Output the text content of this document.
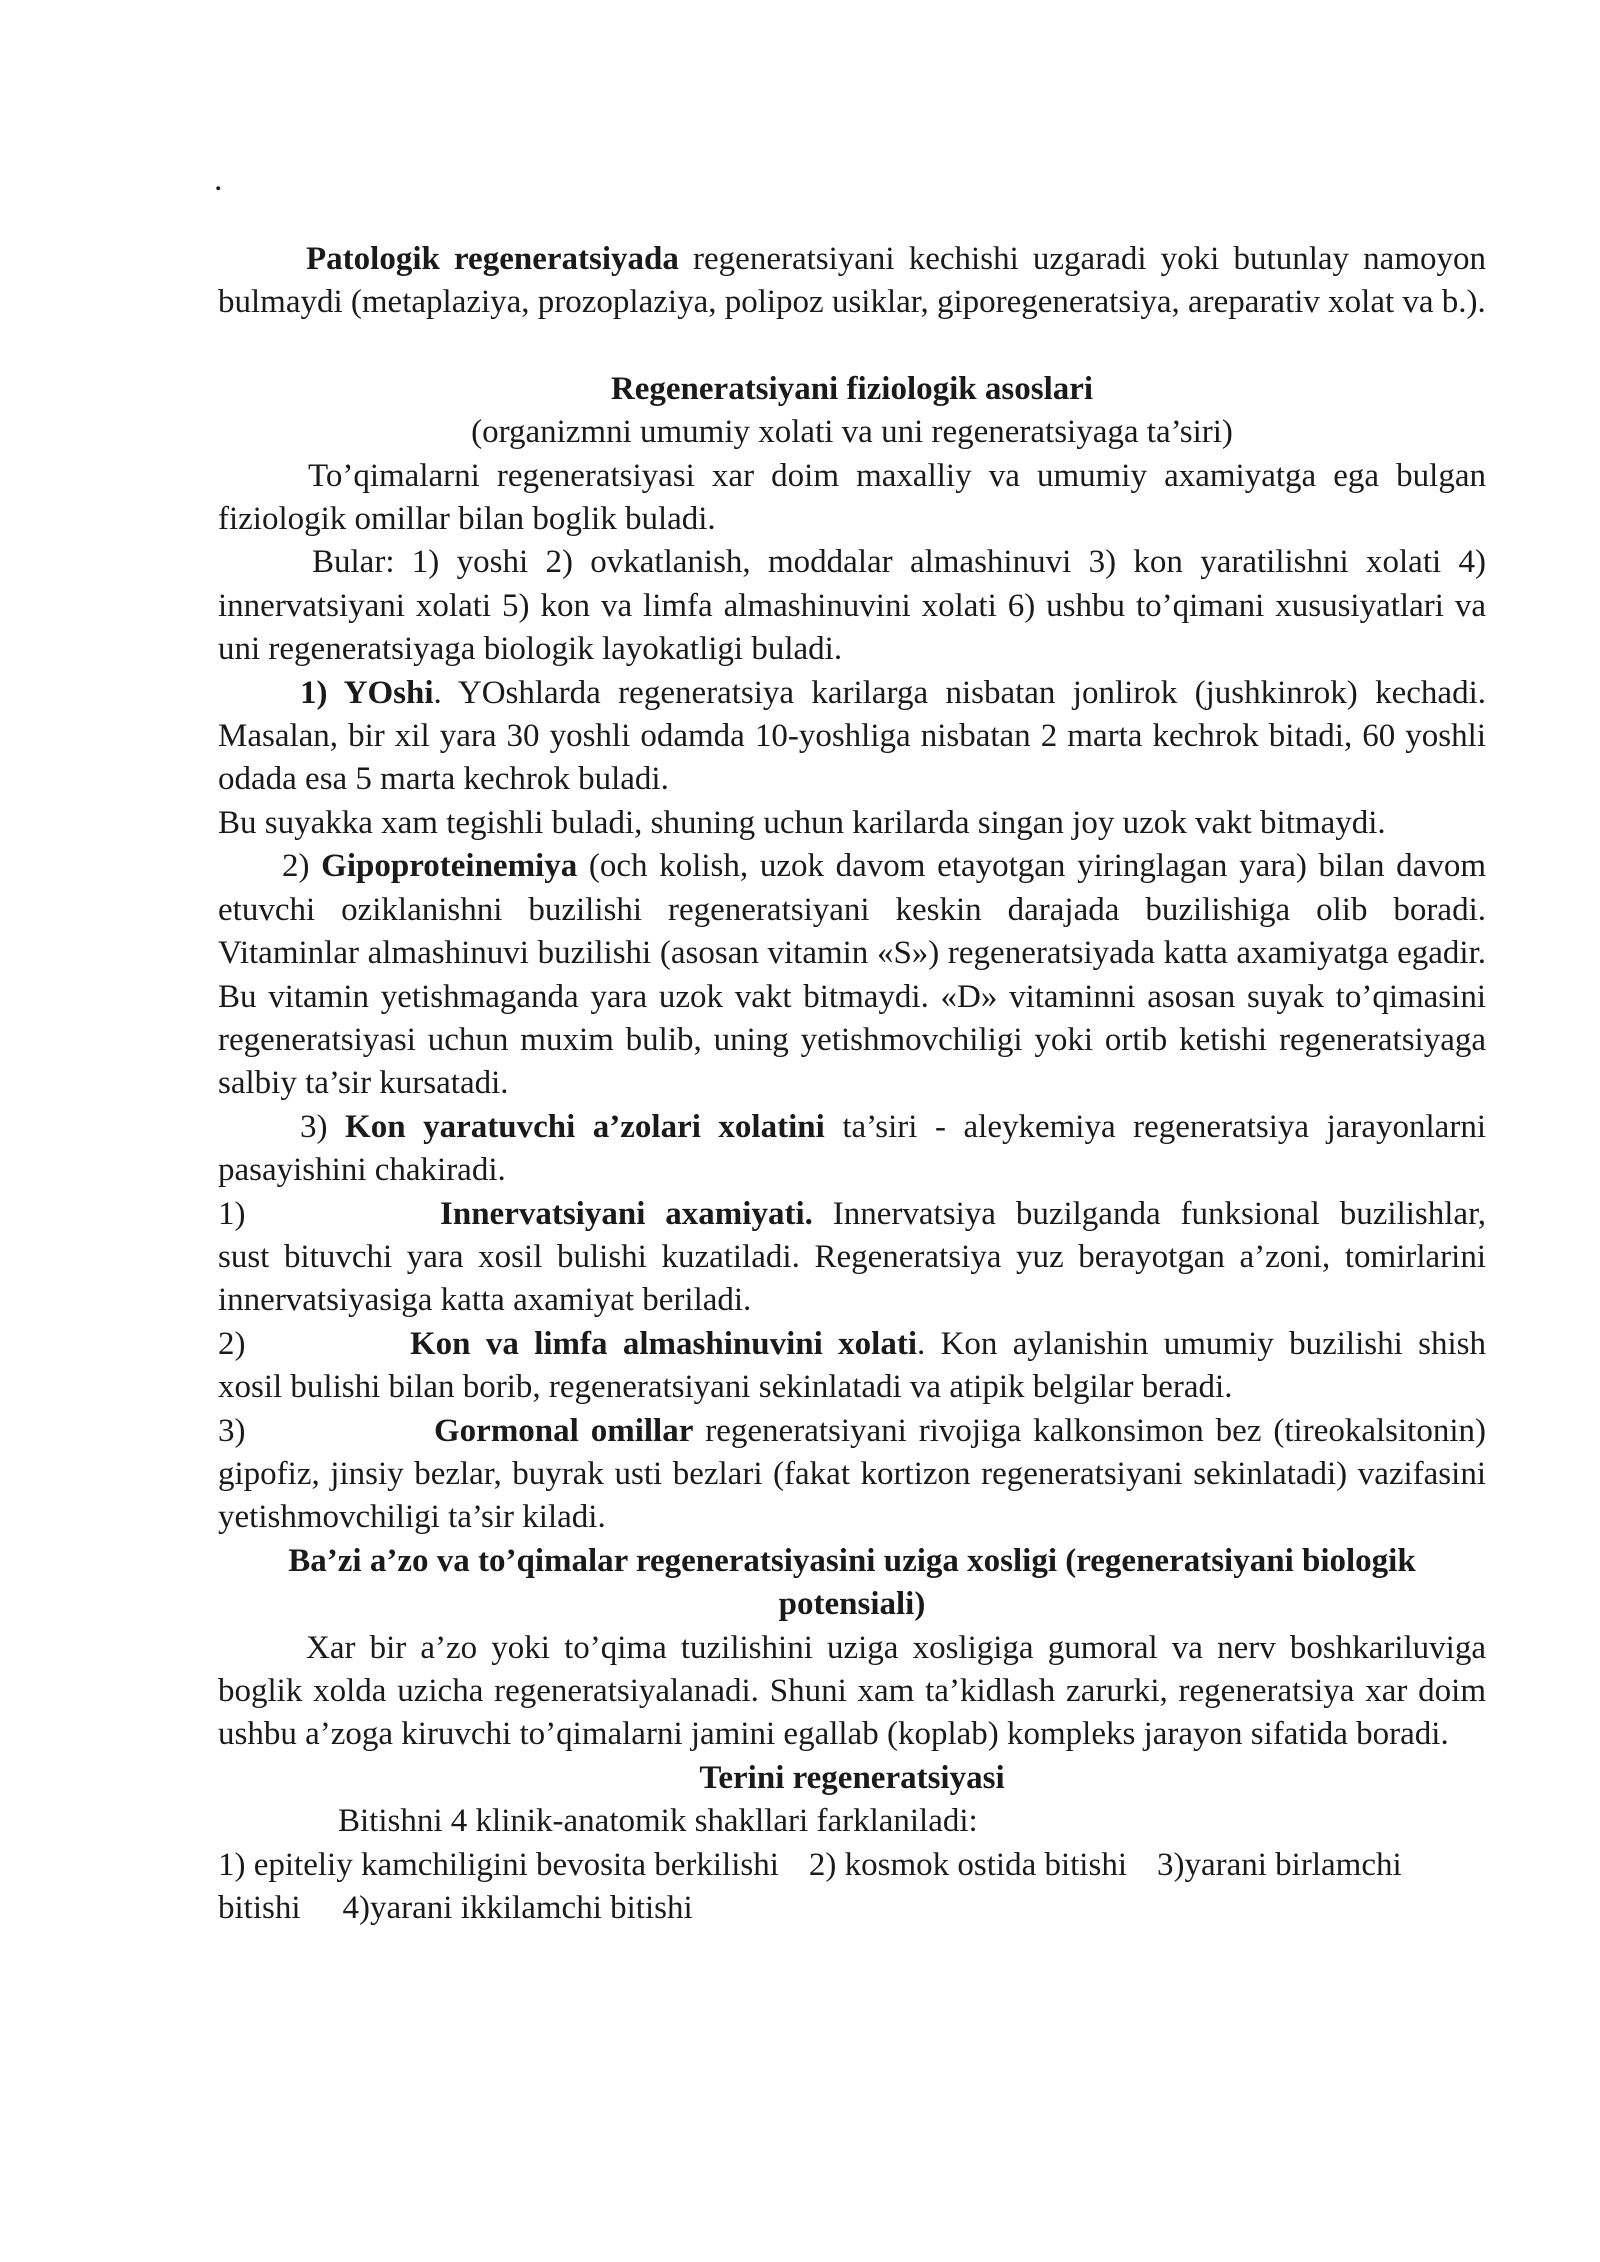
.

Patologik regeneratsiyada regeneratsiyani kechishi uzgaradi yoki butunlay namoyon bulmaydi (metaplaziya, prozoplaziya, polipoz usiklar, giporegeneratsiya, areparativ xolat va b.).

Regeneratsiyani fiziologik asoslari

(organizmni umumiy xolati va uni regeneratsiyaga ta’siri)

To’qimalarni regeneratsiyasi xar doim maxalliy va umumiy axamiyatga ega bulgan fiziologik omillar bilan boglik buladi.

Bular: 1) yoshi 2) ovkatlanish, moddalar almashinuvi 3) kon yaratilishni xolati 4) innervatsiyani xolati 5) kon va limfa almashinuvini xolati 6) ushbu to’qimani xususiyatlari va uni regeneratsiyaga biologik layokatligi buladi.

1) YOshi. YOshlarda regeneratsiya karilarga nisbatan jonlirok (jushkinrok) kechadi. Masalan, bir xil yara 30 yoshli odamda 10-yoshliga nisbatan 2 marta kechrok bitadi, 60 yoshli odada esa 5 marta kechrok buladi.

Bu suyakka xam tegishli buladi, shuning uchun karilarda singan joy uzok vakt bitmaydi.

2) Gipoproteinemiya (och kolish, uzok davom etayotgan yiringlagan yara) bilan davom etuvchi oziklanishni buzilishi regeneratsiyani keskin darajada buzilishiga olib boradi. Vitaminlar almashinuvi buzilishi (asosan vitamin «S») regeneratsiyada katta axamiyatga egadir. Bu vitamin yetishmaganda yara uzok vakt bitmaydi. «D» vitaminni asosan suyak to’qimasini regeneratsiyasi uchun muxim bulib, uning yetishmovchiligi yoki ortib ketishi regeneratsiyaga salbiy ta’sir kursatadi.

3) Kon yaratuvchi a’zolari xolatini ta’siri - aleykemiya regeneratsiya jarayonlarni pasayishini chakiradi.

1)	Innervatsiyani axamiyati. Innervatsiya buzilganda funksional buzilishlar, sust bituvchi yara xosil bulishi kuzatiladi. Regeneratsiya yuz berayotgan a’zoni, tomirlarini innervatsiyasiga katta axamiyat beriladi.

2)	Kon va limfa almashinuvini xolati. Kon aylanishin umumiy buzilishi shish xosil bulishi bilan borib, regeneratsiyani sekinlatadi va atipik belgilar beradi.

3)	Gormonal omillar regeneratsiyani rivojiga kalkonsimon bez (tireokalsitonin) gipofiz, jinsiy bezlar, buyrak usti bezlari (fakat kortizon regeneratsiyani sekinlatadi) vazifasini yetishmovchiligi ta’sir kiladi.

Ba’zi a’zo va to’qimalar regeneratsiyasini uziga xosligi (regeneratsiyani biologik potensiali)

Xar bir a’zo yoki to’qima tuzilishini uziga xosligiga gumoral va nerv boshkariluviga boglik xolda uzicha regeneratsiyalanadi. Shuni xam ta’kidlash zarurki, regeneratsiya xar doim ushbu a’zoga kiruvchi to’qimalarni jamini egallab (koplab) kompleks jarayon sifatida boradi.

Terini regeneratsiyasi

Bitishni 4 klinik-anatomik shakllari farklaniladi:

1) epiteliy kamchiligini bevosita berkilishi 2) kosmok ostida bitishi 3)yarani birlamchi bitishi 4)yarani ikkilamchi bitishi
